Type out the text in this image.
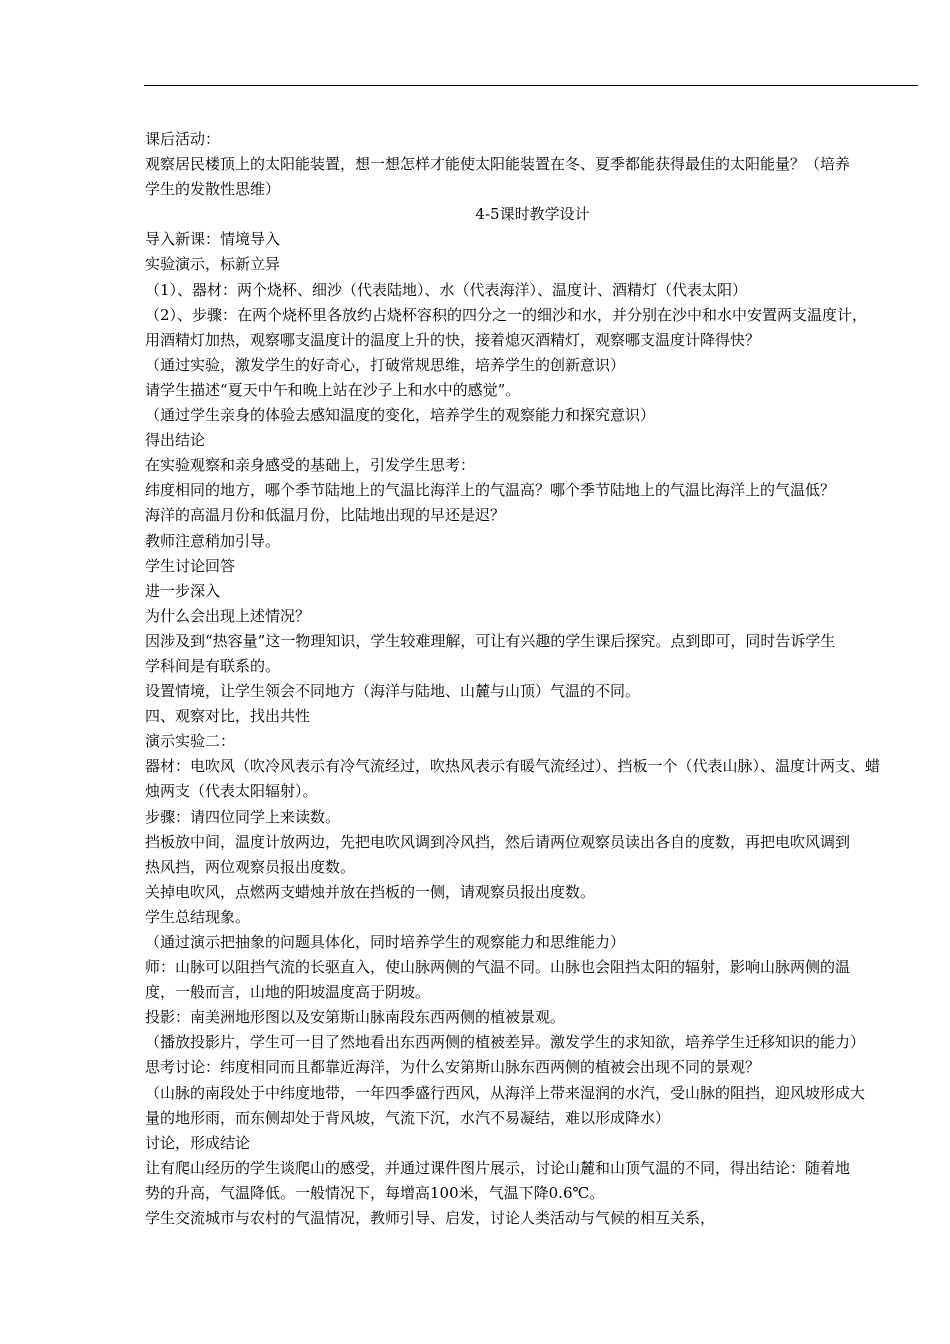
课后活动：
观察居民楼顶上的太阳能装置，想一想怎样才能使太阳能装置在冬、夏季都能获得最佳的太阳能量？（培养
学生的发散性思维）
4-5课时教学设计
导入新课：情境导入
实验演示，标新立异
（1）、器材：两个烧杯、细沙（代表陆地）、水（代表海洋）、温度计、酒精灯（代表太阳）
（2）、步骤：在两个烧杯里各放约占烧杯容积的四分之一的细沙和水，并分别在沙中和水中安置两支温度计，
用酒精灯加热，观察哪支温度计的温度上升的快，接着熄灭酒精灯，观察哪支温度计降得快？
（通过实验，激发学生的好奇心，打破常规思维，培养学生的创新意识）
请学生描述“夏天中午和晚上站在沙子上和水中的感觉”。
（通过学生亲身的体验去感知温度的变化，培养学生的观察能力和探究意识）
得出结论
在实验观察和亲身感受的基础上，引发学生思考：
纬度相同的地方，哪个季节陆地上的气温比海洋上的气温高？哪个季节陆地上的气温比海洋上的气温低？
海洋的高温月份和低温月份，比陆地出现的早还是迟？
教师注意稍加引导。
学生讨论回答
进一步深入
为什么会出现上述情况？
因涉及到“热容量”这一物理知识，学生较难理解，可让有兴趣的学生课后探究。点到即可，同时告诉学生
学科间是有联系的。
设置情境，让学生领会不同地方（海洋与陆地、山麓与山顶）气温的不同。
四、观察对比，找出共性
演示实验二：
器材：电吹风（吹冷风表示有冷气流经过，吹热风表示有暖气流经过）、挡板一个（代表山脉）、温度计两支、蜡
烛两支（代表太阳辐射）。
步骤：请四位同学上来读数。
挡板放中间，温度计放两边，先把电吹风调到冷风挡，然后请两位观察员读出各自的度数，再把电吹风调到
热风挡，两位观察员报出度数。
关掉电吹风，点燃两支蜡烛并放在挡板的一侧，请观察员报出度数。
学生总结现象。
（通过演示把抽象的问题具体化，同时培养学生的观察能力和思维能力）
师：山脉可以阻挡气流的长驱直入，使山脉两侧的气温不同。山脉也会阻挡太阳的辐射，影响山脉两侧的温
度，一般而言，山地的阳坡温度高于阴坡。
投影：南美洲地形图以及安第斯山脉南段东西两侧的植被景观。
（播放投影片，学生可一目了然地看出东西两侧的植被差异。激发学生的求知欲，培养学生迁移知识的能力）
思考讨论：纬度相同而且都靠近海洋，为什么安第斯山脉东西两侧的植被会出现不同的景观？
（山脉的南段处于中纬度地带，一年四季盛行西风，从海洋上带来湿润的水汽，受山脉的阻挡，迎风坡形成大
量的地形雨，而东侧却处于背风坡，气流下沉，水汽不易凝结，难以形成降水）
讨论，形成结论
让有爬山经历的学生谈爬山的感受，并通过课件图片展示，讨论山麓和山顶气温的不同，得出结论：随着地
势的升高，气温降低。一般情况下，每增高100米，气温下降0.6℃。
学生交流城市与农村的气温情况，教师引导、启发，讨论人类活动与气候的相互关系，
